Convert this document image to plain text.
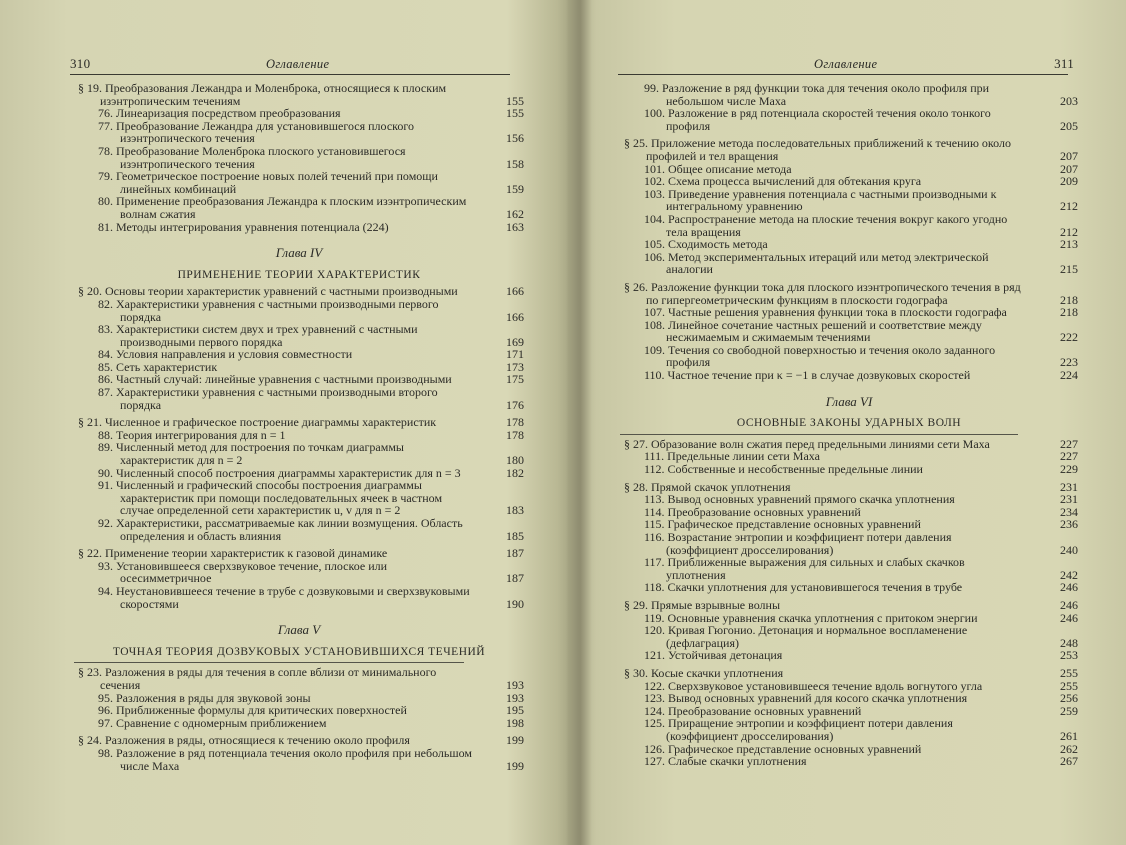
310	Оглавление
§ 19. Преобразования Лежандра и Моленброка, относящиеся к плоским изэнтропическим течениям	155
76. Линеаризация посредством преобразования	155
77. Преобразование Лежандра для установившегося плоского изэнтропического течения	156
78. Преобразование Моленброка плоского установившегося изэнтропического течения	158
79. Геометрическое построение новых полей течений при помощи линейных комбинаций	159
80. Применение преобразования Лежандра к плоским изэнтропическим волнам сжатия	162
81. Методы интегрирования уравнения потенциала (224)	163
Глава IV
ПРИМЕНЕНИЕ ТЕОРИИ ХАРАКТЕРИСТИК
§ 20. Основы теории характеристик уравнений с частными производными	166
82. Характеристики уравнения с частными производными первого порядка	166
83. Характеристики систем двух и трех уравнений с частными производными первого порядка	169
84. Условия направления и условия совместности	171
85. Сеть характеристик	173
86. Частный случай: линейные уравнения с частными производными	175
87. Характеристики уравнения с частными производными второго порядка	176
§ 21. Численное и графическое построение диаграммы характеристик	178
88. Теория интегрирования для n = 1	178
89. Численный метод для построения по точкам диаграммы характеристик для n = 2	180
90. Численный способ построения диаграммы характеристик для n = 3	182
91. Численный и графический способы построения диаграммы характеристик при помощи последовательных ячеек в частном случае определенной сети характеристик u, v для n = 2	183
92. Характеристики, рассматриваемые как линии возмущения. Область определения и область влияния	185
§ 22. Применение теории характеристик к газовой динамике	187
93. Установившееся сверхзвуковое течение, плоское или осесимметричное	187
94. Неустановившееся течение в трубе с дозвуковыми и сверхзвуковыми скоростями	190
Глава V
ТОЧНАЯ ТЕОРИЯ ДОЗВУКОВЫХ УСТАНОВИВШИХСЯ ТЕЧЕНИЙ
§ 23. Разложения в ряды для течения в сопле вблизи от минимального сечения	193
95. Разложения в ряды для звуковой зоны	193
96. Приближенные формулы для критических поверхностей	195
97. Сравнение с одномерным приближением	198
§ 24. Разложения в ряды, относящиеся к течению около профиля	199
98. Разложение в ряд потенциала течения около профиля при небольшом числе Маха	199
Оглавление	311
99. Разложение в ряд функции тока для течения около профиля при небольшом числе Маха	203
100. Разложение в ряд потенциала скоростей течения около тонкого профиля	205
§ 25. Приложение метода последовательных приближений к течению около профилей и тел вращения	207
101. Общее описание метода	207
102. Схема процесса вычислений для обтекания круга	209
103. Приведение уравнения потенциала с частными производными к интегральному уравнению	212
104. Распространение метода на плоские течения вокруг какого угодно тела вращения	212
105. Сходимость метода	213
106. Метод экспериментальных итераций или метод электрической аналогии	215
§ 26. Разложение функции тока для плоского изэнтропического течения в ряд по гипергеометрическим функциям в плоскости годографа	218
107. Частные решения уравнения функции тока в плоскости годографа	218
108. Линейное сочетание частных решений и соответствие между несжимаемым и сжимаемым течениями	222
109. Течения со свободной поверхностью и течения около заданного профиля	223
110. Частное течение при κ = −1 в случае дозвуковых скоростей	224
Глава VI
ОСНОВНЫЕ ЗАКОНЫ УДАРНЫХ ВОЛН
§ 27. Образование волн сжатия перед предельными линиями сети Маха	227
111. Предельные линии сети Маха	227
112. Собственные и несобственные предельные линии	229
§ 28. Прямой скачок уплотнения	231
113. Вывод основных уравнений прямого скачка уплотнения	231
114. Преобразование основных уравнений	234
115. Графическое представление основных уравнений	236
116. Возрастание энтропии и коэффициент потери давления (коэффициент дросселирования)	240
117. Приближенные выражения для сильных и слабых скачков уплотнения	242
118. Скачки уплотнения для установившегося течения в трубе	246
§ 29. Прямые взрывные волны	246
119. Основные уравнения скачка уплотнения с притоком энергии	246
120. Кривая Гюгонио. Детонация и нормальное воспламенение (дефлаграция)	248
121. Устойчивая детонация	253
§ 30. Косые скачки уплотнения	255
122. Сверхзвуковое установившееся течение вдоль вогнутого угла	255
123. Вывод основных уравнений для косого скачка уплотнения	256
124. Преобразование основных уравнений	259
125. Приращение энтропии и коэффициент потери давления (коэффициент дросселирования)	261
126. Графическое представление основных уравнений	262
127. Слабые скачки уплотнения	267
